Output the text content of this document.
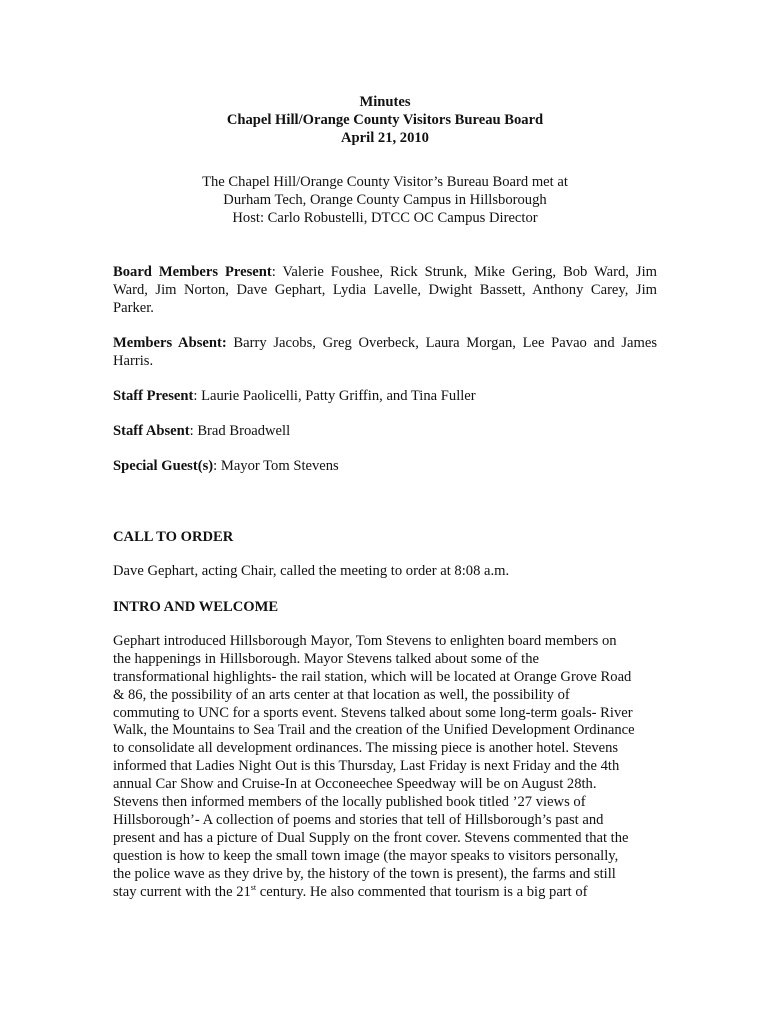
Minutes
Chapel Hill/Orange County Visitors Bureau Board
April 21, 2010
The Chapel Hill/Orange County Visitor’s Bureau Board met at
Durham Tech, Orange County Campus in Hillsborough
Host: Carlo Robustelli, DTCC OC Campus Director
Board Members Present: Valerie Foushee, Rick Strunk, Mike Gering, Bob Ward, Jim Ward, Jim Norton, Dave Gephart, Lydia Lavelle, Dwight Bassett, Anthony Carey, Jim Parker.
Members Absent: Barry Jacobs, Greg Overbeck, Laura Morgan, Lee Pavao and James Harris.
Staff Present: Laurie Paolicelli, Patty Griffin, and Tina Fuller
Staff Absent: Brad Broadwell
Special Guest(s): Mayor Tom Stevens
CALL TO ORDER
Dave Gephart, acting Chair, called the meeting to order at 8:08 a.m.
INTRO AND WELCOME
Gephart introduced Hillsborough Mayor, Tom Stevens to enlighten board members on
the happenings in Hillsborough. Mayor Stevens talked about some of the
transformational highlights- the rail station, which will be located at Orange Grove Road
& 86, the possibility of an arts center at that location as well, the possibility of
commuting to UNC for a sports event. Stevens talked about some long-term goals- River
Walk, the Mountains to Sea Trail and the creation of the Unified Development Ordinance
to consolidate all development ordinances. The missing piece is another hotel. Stevens
informed that Ladies Night Out is this Thursday, Last Friday is next Friday and the 4th
annual Car Show and Cruise-In at Occoneechee Speedway will be on August 28th.
Stevens then informed members of the locally published book titled ’27 views of
Hillsborough’- A collection of poems and stories that tell of Hillsborough’s past and
present and has a picture of Dual Supply on the front cover. Stevens commented that the
question is how to keep the small town image (the mayor speaks to visitors personally,
the police wave as they drive by, the history of the town is present), the farms and still
stay current with the 21st century. He also commented that tourism is a big part of
